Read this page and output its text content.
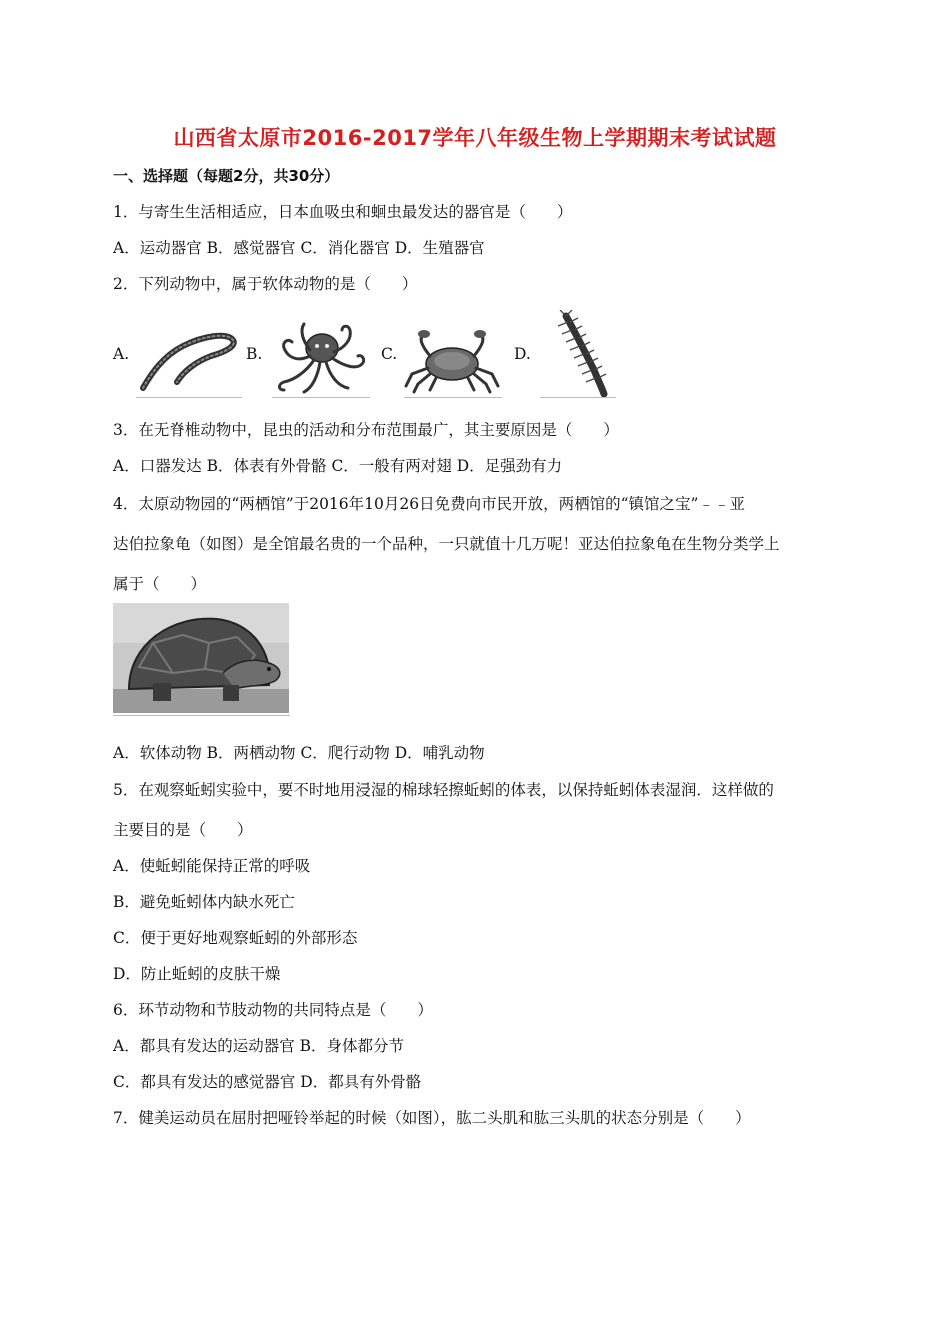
山西省太原市2016-2017学年八年级生物上学期期末考试试题
一、选择题（每题2分，共30分）
1．与寄生生活相适应，日本血吸虫和蛔虫最发达的器官是（　　）
A．运动器官 B．感觉器官 C．消化器官 D．生殖器官
2．下列动物中，属于软体动物的是（　　）
A.	B.	C.	D.
3．在无脊椎动物中，昆虫的活动和分布范围最广，其主要原因是（　　）
A．口器发达 B．体表有外骨骼 C．一般有两对翅 D．足强劲有力
4．太原动物园的“两栖馆”于2016年10月26日免费向市民开放，两栖馆的“镇馆之宝”﹣﹣亚
达伯拉象龟（如图）是全馆最名贵的一个品种，一只就值十几万呢！亚达伯拉象龟在生物分类学上
属于（　　）
A．软体动物 B．两栖动物 C．爬行动物 D．哺乳动物
5．在观察蚯蚓实验中，要不时地用浸湿的棉球轻擦蚯蚓的体表，以保持蚯蚓体表湿润．这样做的
主要目的是（　　）
A．使蚯蚓能保持正常的呼吸
B．避免蚯蚓体内缺水死亡
C．便于更好地观察蚯蚓的外部形态
D．防止蚯蚓的皮肤干燥
6．环节动物和节肢动物的共同特点是（　　）
A．都具有发达的运动器官 B．身体都分节
C．都具有发达的感觉器官 D．都具有外骨骼
7．健美运动员在屈肘把哑铃举起的时候（如图），肱二头肌和肱三头肌的状态分别是（　　）
